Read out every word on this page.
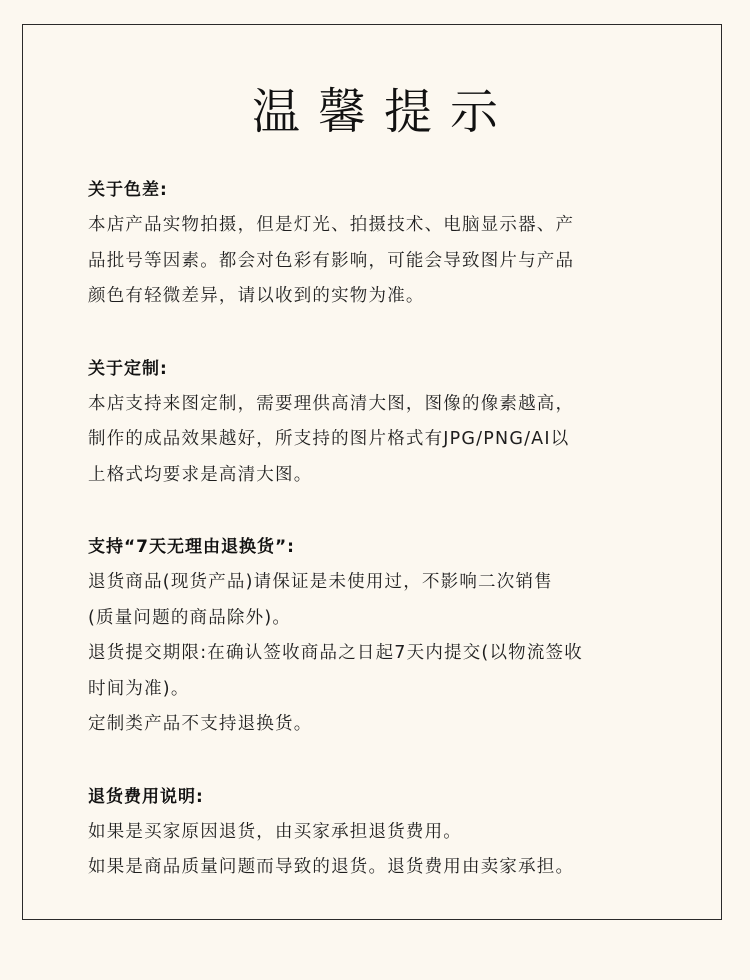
温馨提示
关于色差:
本店产品实物拍摄，但是灯光、拍摄技术、电脑显示器、产
品批号等因素。都会对色彩有影响，可能会导致图片与产品
颜色有轻微差异，请以收到的实物为准。
关于定制:
本店支持来图定制，需要理供高清大图，图像的像素越高，
制作的成品效果越好，所支持的图片格式有JPG/PNG/AI以
上格式均要求是高清大图。
支持“7天无理由退换货”:
退货商品(现货产品)请保证是未使用过，不影响二次销售
(质量问题的商品除外)。
退货提交期限:在确认签收商品之日起7天内提交(以物流签收
时间为准)。
定制类产品不支持退换货。
退货费用说明:
如果是买家原因退货，由买家承担退货费用。
如果是商品质量问题而导致的退货。退货费用由卖家承担。
